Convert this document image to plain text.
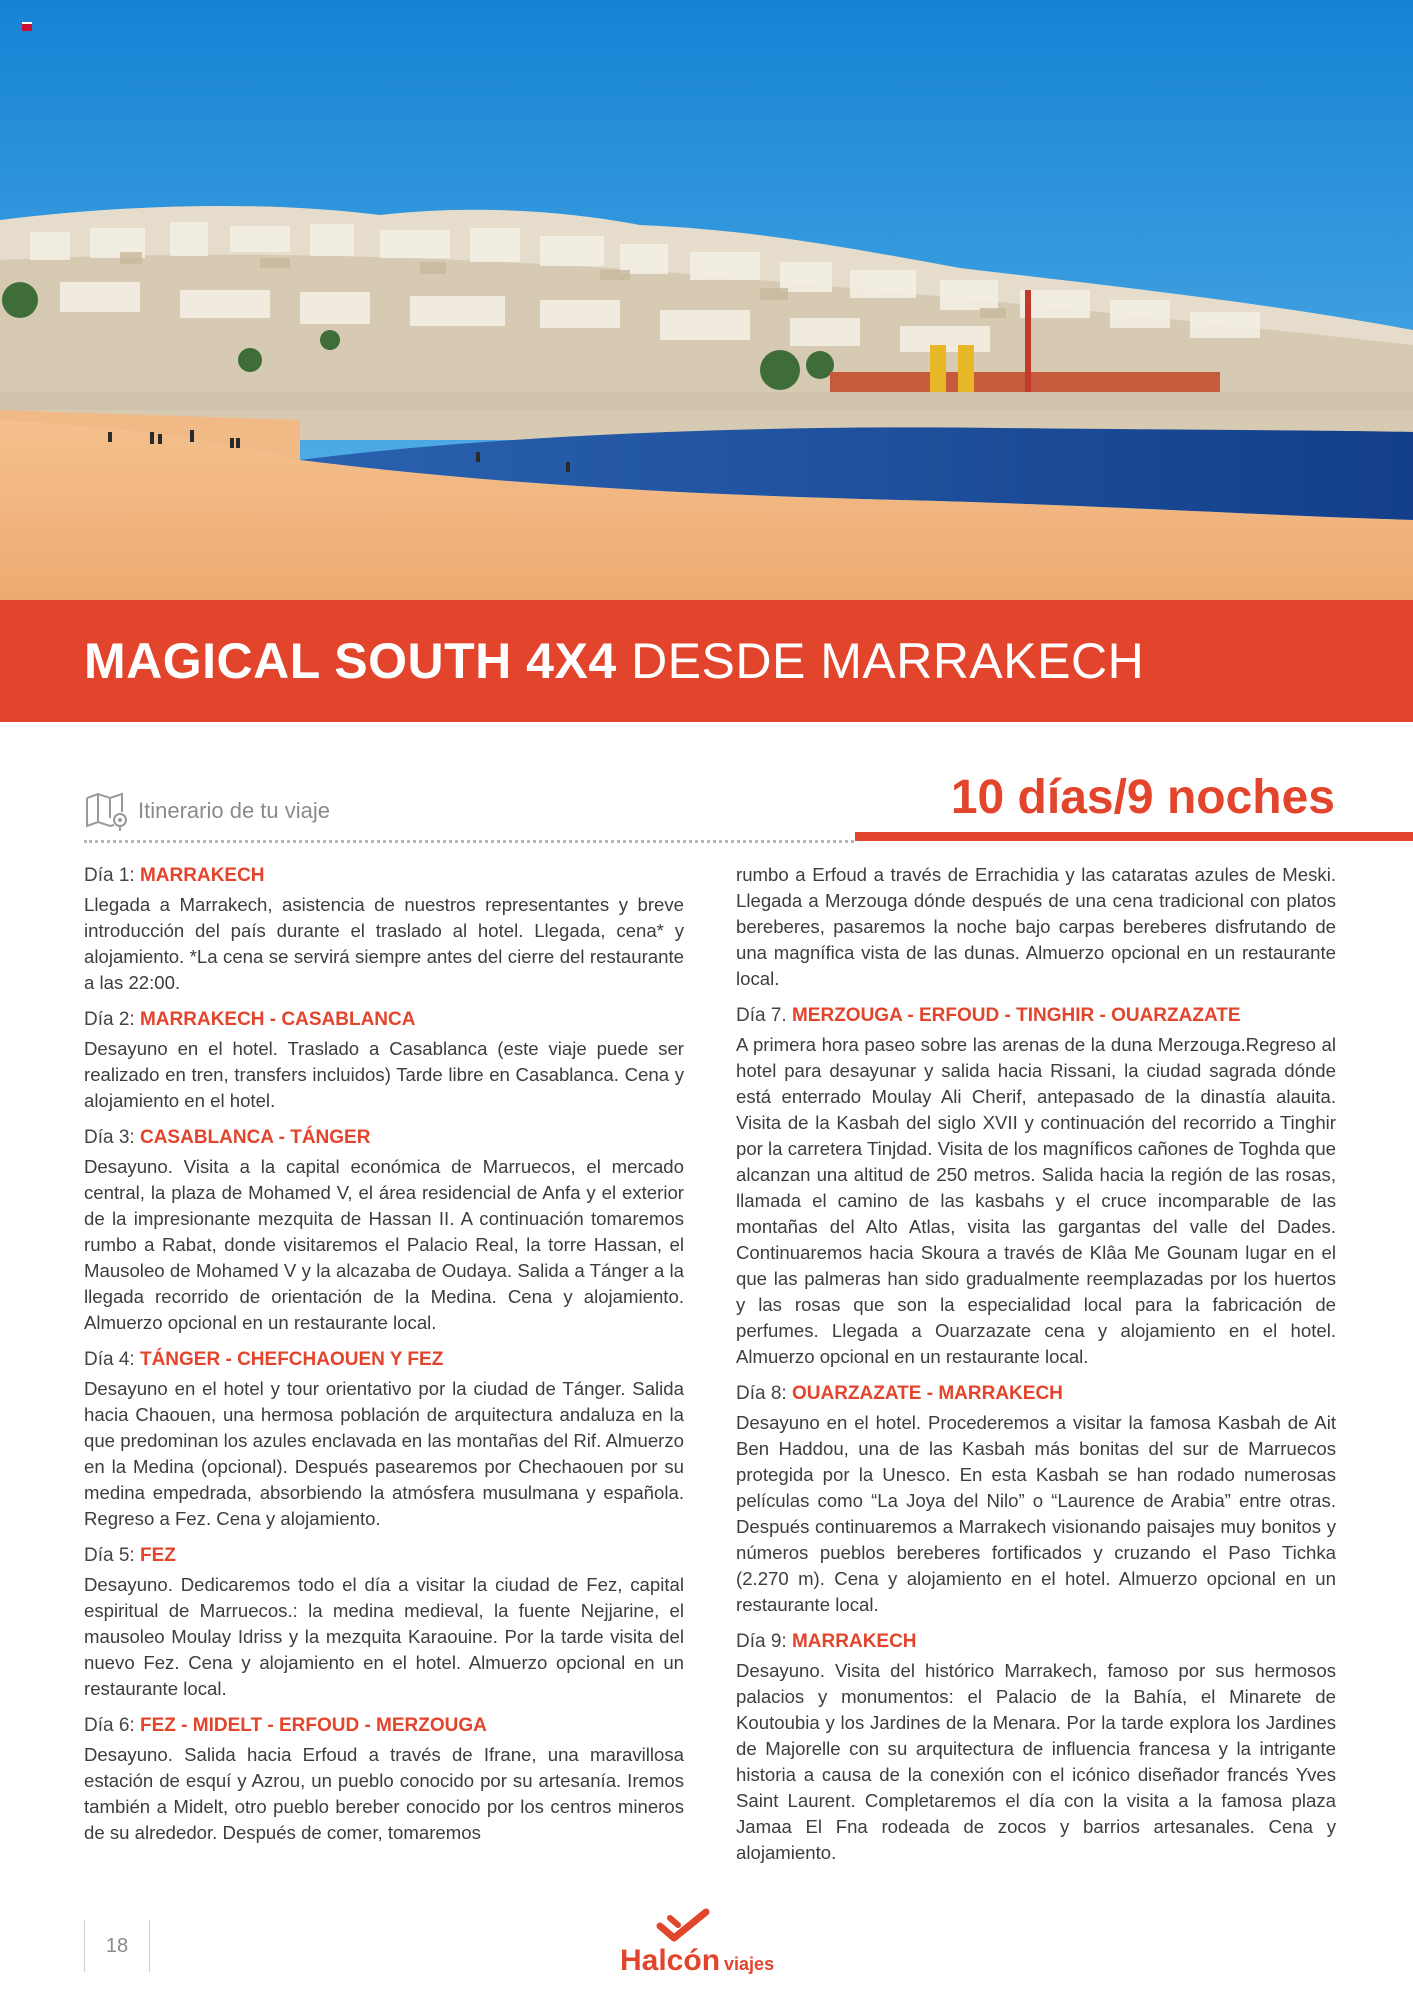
MAGICAL SOUTH 4X4 DESDE MARRAKECH
Itinerario de tu viaje	10 días/9 noches
Día 1: MARRAKECH

Llegada a Marrakech, asistencia de nuestros representantes y breve introducción del país durante el traslado al hotel. Llegada, cena* y alojamiento. *La cena se servirá siempre antes del cierre del restaurante a las 22:00.

Día 2: MARRAKECH - CASABLANCA

Desayuno en el hotel. Traslado a Casablanca (este viaje puede ser realizado en tren, transfers incluidos) Tarde libre en Casablanca. Cena y alojamiento en el hotel.

Día 3: CASABLANCA - TÁNGER

Desayuno. Visita a la capital económica de Marruecos, el mercado central, la plaza de Mohamed V, el área residencial de Anfa y el exterior de la impresionante mezquita de Hassan II. A continuación tomaremos rumbo a Rabat, donde visitaremos el Palacio Real, la torre Hassan, el Mausoleo de Mohamed V y la alcazaba de Oudaya. Salida a Tánger a la llegada recorrido de orientación de la Medina. Cena y alojamiento. Almuerzo opcional en un restaurante local.

Día 4: TÁNGER - CHEFCHAOUEN Y FEZ

Desayuno en el hotel y tour orientativo por la ciudad de Tánger. Salida hacia Chaouen, una hermosa población de arquitectura andaluza en la que predominan los azules enclavada en las montañas del Rif. Almuerzo en la Medina (opcional). Después pasearemos por Chechaouen por su medina empedrada, absorbiendo la atmósfera musulmana y española. Regreso a Fez. Cena y alojamiento.

Día 5: FEZ

Desayuno. Dedicaremos todo el día a visitar la ciudad de Fez, capital espiritual de Marruecos.: la medina medieval, la fuente Nejjarine, el mausoleo Moulay Idriss y la mezquita Karaouine. Por la tarde visita del nuevo Fez. Cena y alojamiento en el hotel. Almuerzo opcional en un restaurante local.

Día 6: FEZ - MIDELT - ERFOUD - MERZOUGA

Desayuno. Salida hacia Erfoud a través de Ifrane, una maravillosa estación de esquí y Azrou, un pueblo conocido por su artesanía. Iremos también a Midelt, otro pueblo bereber conocido por los centros mineros de su alrededor. Después de comer, tomaremos

rumbo a Erfoud a través de Errachidia y las cataratas azules de Meski. Llegada a Merzouga dónde después de una cena tradicional con platos bereberes, pasaremos la noche bajo carpas bereberes disfrutando de una magnífica vista de las dunas. Almuerzo opcional en un restaurante local.

Día 7. MERZOUGA - ERFOUD - TINGHIR - OUARZAZATE

A primera hora paseo sobre las arenas de la duna Merzouga.Regreso al hotel para desayunar y salida hacia Rissani, la ciudad sagrada dónde está enterrado Moulay Ali Cherif, antepasado de la dinastía alauita. Visita de la Kasbah del siglo XVII y continuación del recorrido a Tinghir por la carretera Tinjdad. Visita de los magníficos cañones de Toghda que alcanzan una altitud de 250 metros. Salida hacia la región de las rosas, llamada el camino de las kasbahs y el cruce incomparable de las montañas del Alto Atlas, visita las gargantas del valle del Dades. Continuaremos hacia Skoura a través de Klâa Me Gounam lugar en el que las palmeras han sido gradualmente reemplazadas por los huertos y las rosas que son la especialidad local para la fabricación de perfumes. Llegada a Ouarzazate cena y alojamiento en el hotel. Almuerzo opcional en un restaurante local.

Día 8: OUARZAZATE - MARRAKECH

Desayuno en el hotel. Procederemos a visitar la famosa Kasbah de Ait Ben Haddou, una de las Kasbah más bonitas del sur de Marruecos protegida por la Unesco. En esta Kasbah se han rodado numerosas películas como “La Joya del Nilo” o “Laurence de Arabia” entre otras. Después continuaremos a Marrakech visionando paisajes muy bonitos y números pueblos bereberes fortificados y cruzando el Paso Tichka (2.270 m). Cena y alojamiento en el hotel. Almuerzo opcional en un restaurante local.

Día 9: MARRAKECH

Desayuno. Visita del histórico Marrakech, famoso por sus hermosos palacios y monumentos: el Palacio de la Bahía, el Minarete de Koutoubia y los Jardines de la Menara. Por la tarde explora los Jardines de Majorelle con su arquitectura de influencia francesa y la intrigante historia a causa de la conexión con el icónico diseñador francés Yves Saint Laurent. Completaremos el día con la visita a la famosa plaza Jamaa El Fna rodeada de zocos y barrios artesanales. Cena y alojamiento.

18	Halcón viajes
